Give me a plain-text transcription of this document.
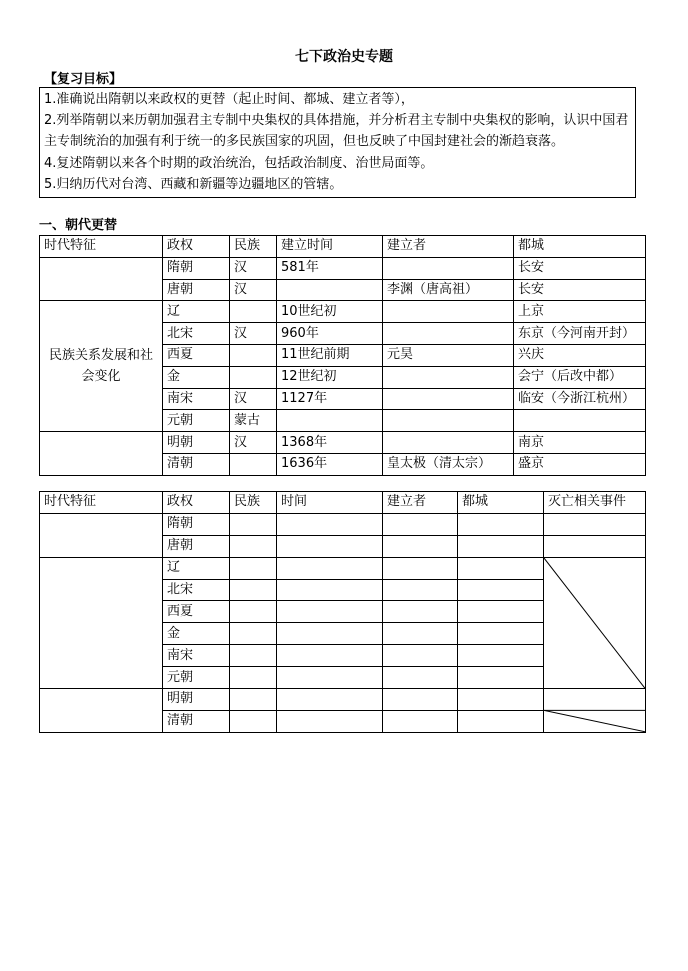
七下政治史专题
【复习目标】
1.准确说出隋朝以来政权的更替（起止时间、都城、建立者等），
2.列举隋朝以来历朝加强君主专制中央集权的具体措施，并分析君主专制中央集权的影响，认识中国君主专制统治的加强有利于统一的多民族国家的巩固，但也反映了中国封建社会的渐趋衰落。
4.复述隋朝以来各个时期的政治统治，包括政治制度、治世局面等。
5.归纳历代对台湾、西藏和新疆等边疆地区的管辖。
一、朝代更替
时代特征	政权	民族	建立时间	建立者	都城
	隋朝	汉	581年		长安
	唐朝	汉		李渊（唐高祖）	长安
民族关系发展和社会变化	辽		10世纪初		上京
	北宋	汉	960年		东京（今河南开封）
	西夏		11世纪前期	元昊	兴庆
	金		12世纪初		会宁（后改中都）
	南宋	汉	1127年		临安（今浙江杭州）
	元朝	蒙古			
	明朝	汉	1368年		南京
	清朝		1636年	皇太极（清太宗）	盛京
时代特征	政权	民族	时间	建立者	都城	灭亡相关事件
	隋朝					
	唐朝					
	辽					

	北宋					
	西夏					
	金					
	南宋					
	元朝					
	明朝					

	清朝					
